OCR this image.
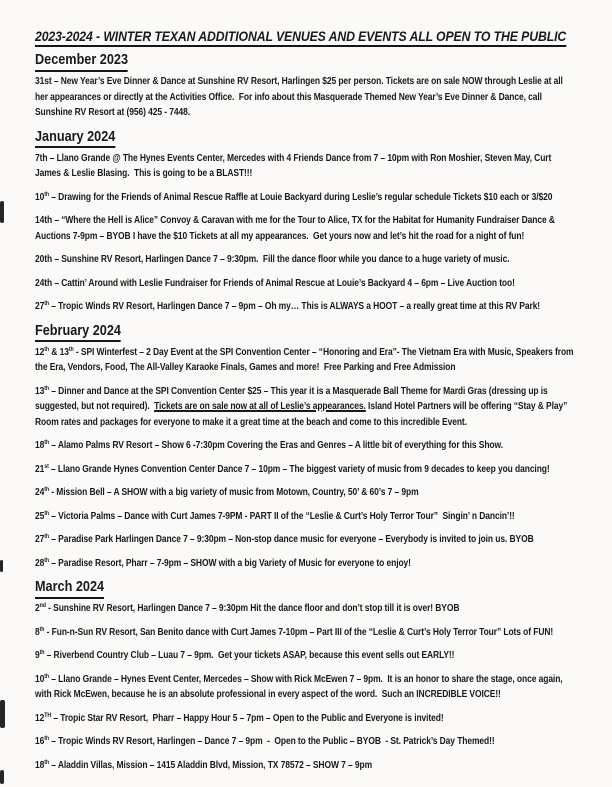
2023-2024 - WINTER TEXAN ADDITIONAL VENUES AND EVENTS ALL OPEN TO THE PUBLIC
December 2023

31st – New Year’s Eve Dinner & Dance at Sunshine RV Resort, Harlingen $25 per person. Tickets are on sale NOW through Leslie at all her appearances or directly at the Activities Office.  For info about this Masquerade Themed New Year’s Eve Dinner & Dance, call Sunshine RV Resort at (956) 425 - 7448.

January 2024

7th – Llano Grande @ The Hynes Events Center, Mercedes with 4 Friends Dance from 7 – 10pm with Ron Moshier, Steven May, Curt James & Leslie Blasing.  This is going to be a BLAST!!!

10th – Drawing for the Friends of Animal Rescue Raffle at Louie Backyard during Leslie’s regular schedule Tickets $10 each or 3/$20

14th – “Where the Hell is Alice” Convoy & Caravan with me for the Tour to Alice, TX for the Habitat for Humanity Fundraiser Dance & Auctions 7-9pm – BYOB I have the $10 Tickets at all my appearances.  Get yours now and let’s hit the road for a night of fun!

20th – Sunshine RV Resort, Harlingen Dance 7 – 9:30pm.  Fill the dance floor while you dance to a huge variety of music.

24th – Cattin’ Around with Leslie Fundraiser for Friends of Animal Rescue at Louie’s Backyard 4 – 6pm – Live Auction too!

27th – Tropic Winds RV Resort, Harlingen Dance 7 – 9pm – Oh my… This is ALWAYS a HOOT – a really great time at this RV Park!

February 2024

12th & 13th - SPI Winterfest – 2 Day Event at the SPI Convention Center – “Honoring and Era”- The Vietnam Era with Music, Speakers from the Era, Vendors, Food, The All-Valley Karaoke Finals, Games and more!  Free Parking and Free Admission

13th – Dinner and Dance at the SPI Convention Center $25 – This year it is a Masquerade Ball Theme for Mardi Gras (dressing up is suggested, but not required).  Tickets are on sale now at all of Leslie’s appearances. Island Hotel Partners will be offering “Stay & Play” Room rates and packages for everyone to make it a great time at the beach and come to this incredible Event.

18th – Alamo Palms RV Resort – Show 6 -7:30pm Covering the Eras and Genres – A little bit of everything for this Show.

21st – Llano Grande Hynes Convention Center Dance 7 – 10pm – The biggest variety of music from 9 decades to keep you dancing!

24th - Mission Bell – A SHOW with a big variety of music from Motown, Country, 50’ & 60’s 7 – 9pm

25th – Victoria Palms – Dance with Curt James 7-9PM - PART II of the “Leslie & Curt’s Holy Terror Tour”  Singin’ n Dancin’!!

27th – Paradise Park Harlingen Dance 7 – 9:30pm – Non-stop dance music for everyone – Everybody is invited to join us. BYOB

28th – Paradise Resort, Pharr – 7-9pm – SHOW with a big Variety of Music for everyone to enjoy!

March 2024

2nd - Sunshine RV Resort, Harlingen Dance 7 – 9:30pm Hit the dance floor and don’t stop till it is over! BYOB

8th - Fun-n-Sun RV Resort, San Benito dance with Curt James 7-10pm – Part III of the “Leslie & Curt’s Holy Terror Tour” Lots of FUN!

9th – Riverbend Country Club – Luau 7 – 9pm.  Get your tickets ASAP, because this event sells out EARLY!!

10th – Llano Grande – Hynes Event Center, Mercedes – Show with Rick McEwen 7 – 9pm.  It is an honor to share the stage, once again, with Rick McEwen, because he is an absolute professional in every aspect of the word.  Such an INCREDIBLE VOICE!!

12TH – Tropic Star RV Resort,  Pharr – Happy Hour 5 – 7pm – Open to the Public and Everyone is invited!

16th – Tropic Winds RV Resort, Harlingen – Dance 7 – 9pm  -  Open to the Public – BYOB  - St. Patrick’s Day Themed!!

18th – Aladdin Villas, Mission – 1415 Aladdin Blvd, Mission, TX 78572 – SHOW 7 – 9pm
